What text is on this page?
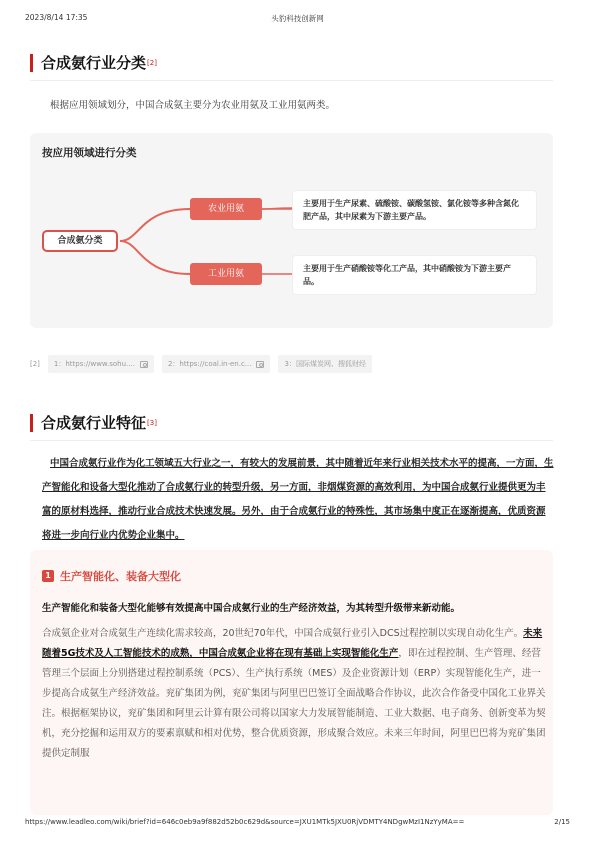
2023/8/14 17:35	头豹科技创新网
合成氨行业分类 [2]

根据应用领域划分，中国合成氨主要分为农业用氨及工业用氨两类。

按应用领域进行分类
合成氨分类
农业用氨
工业用氨
主要用于生产尿素、硫酸铵、碳酸氢铵、氯化铵等多种含氮化肥产品，其中尿素为下游主要产品。
主要用于生产硝酸铵等化工产品，其中硝酸铵为下游主要产品。
[2] 1：https://www.sohu....	2：https://coal.in-en.c...	3：国际煤炭网、搜狐财经
合成氨行业特征 [3]
中国合成氨行业作为化工领域五大行业之一，有较大的发展前景，其中随着近年来行业相关技术水平的提高，一方面，生产智能化和设备大型化推动了合成氨行业的转型升级，另一方面，非烟煤资源的高效利用，为中国合成氨行业提供更为丰富的原材料选择，推动行业合成技术快速发展。另外，由于合成氨行业的特殊性，其市场集中度正在逐渐提高，优质资源将进一步向行业内优势企业集中。
1 生产智能化、装备大型化
生产智能化和装备大型化能够有效提高中国合成氨行业的生产经济效益，为其转型升级带来新动能。
合成氨企业对合成氨生产连续化需求较高，20世纪70年代，中国合成氨行业引入DCS过程控制以实现自动化生产。未来随着5G技术及人工智能技术的成熟，中国合成氨企业将在现有基础上实现智能化生产，即在过程控制、生产管理、经营管理三个层面上分别搭建过程控制系统（PCS）、生产执行系统（MES）及企业资源计划（ERP）实现智能化生产，进一步提高合成氨生产经济效益。兖矿集团为例，兖矿集团与阿里巴巴签订全面战略合作协议，此次合作备受中国化工业界关注。根据框架协议，兖矿集团和阿里云计算有限公司将以国家大力发展智能制造、工业大数据、电子商务、创新变革为契机，充分挖掘和运用双方的要素禀赋和相对优势，整合优质资源，形成聚合效应。未来三年时间，阿里巴巴将为兖矿集团提供定制服
https://www.leadleo.com/wiki/brief?id=646c0eb9a9f882d52b0c629d&source=JXU1MTk5JXU0RjVDMTY4NDgwMzI1NzYyMA==	2/15
